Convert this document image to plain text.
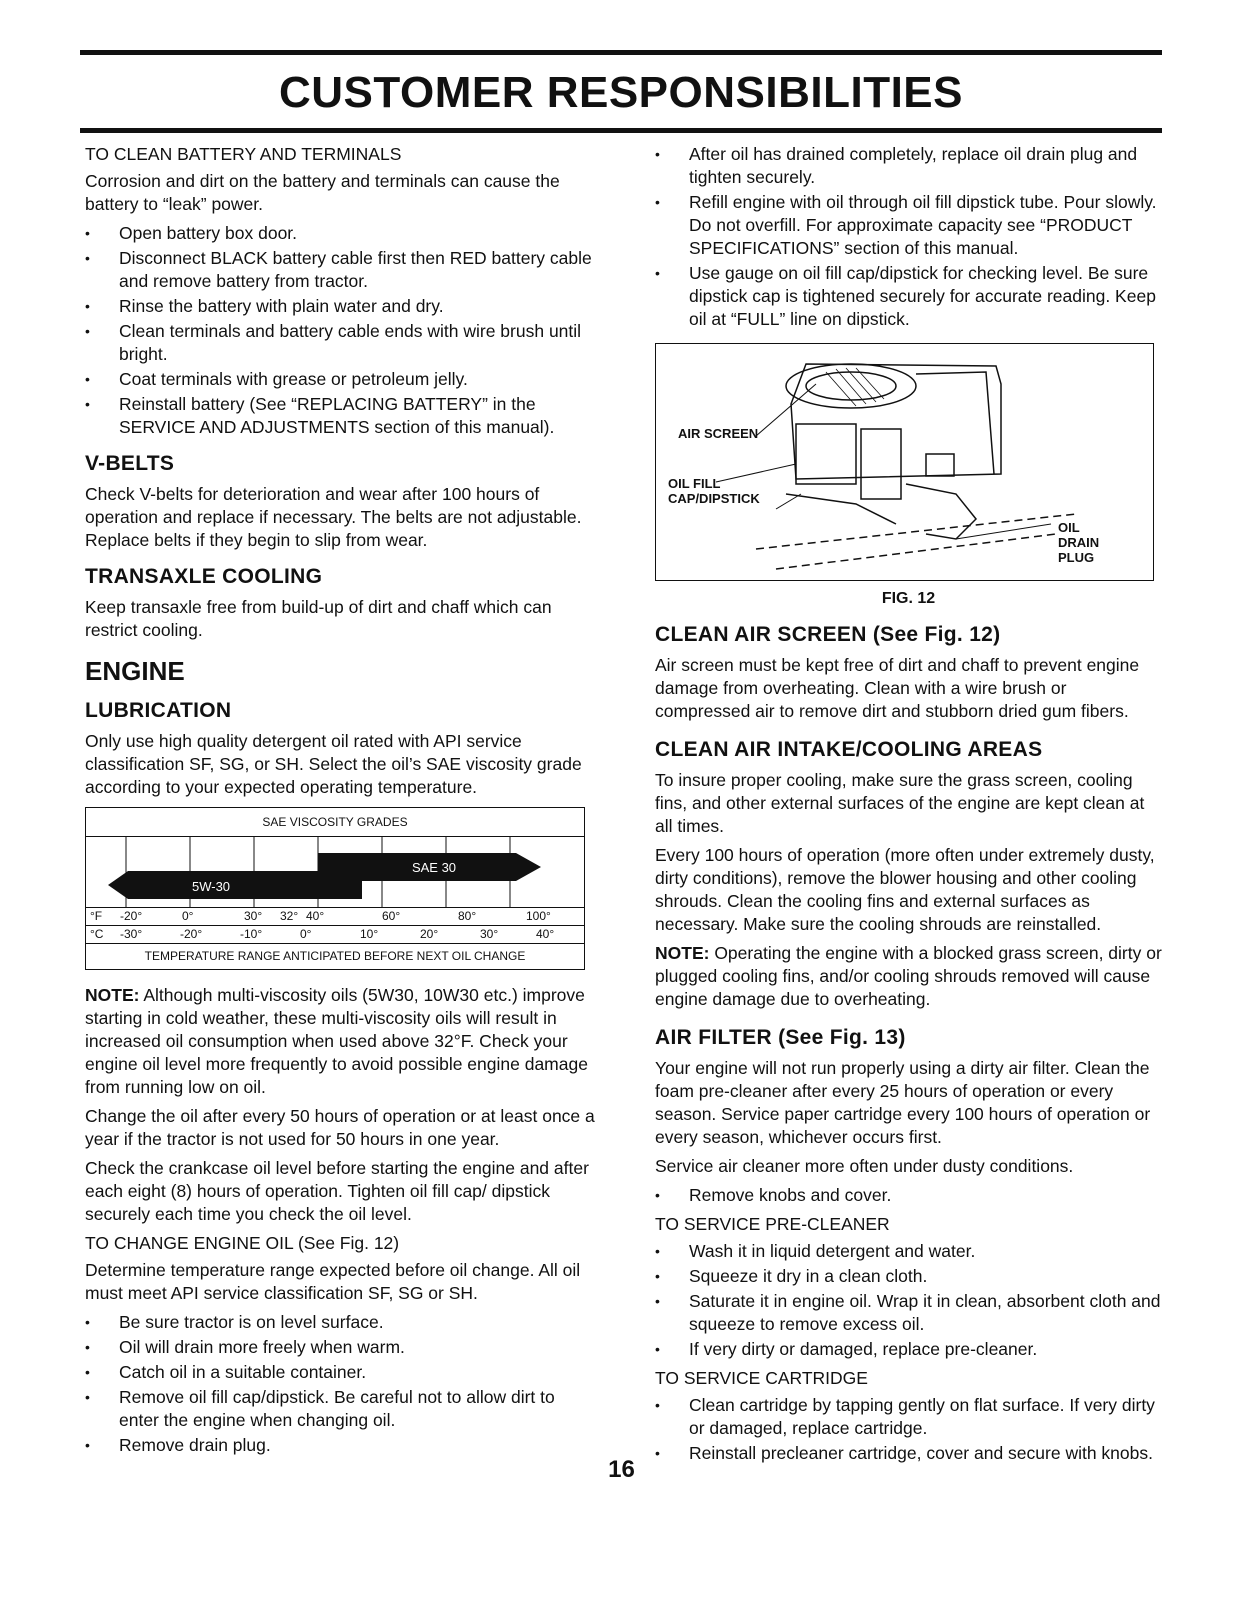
CUSTOMER RESPONSIBILITIES

TO CLEAN BATTERY AND TERMINALS

Corrosion and dirt on the battery and terminals can cause the battery to “leak” power.

• Open battery box door.
• Disconnect BLACK battery cable first then RED battery cable and remove battery from tractor.
• Rinse the battery with plain water and dry.
• Clean terminals and battery cable ends with wire brush until bright.
• Coat terminals with grease or petroleum jelly.
• Reinstall battery (See “REPLACING BATTERY” in the SERVICE AND ADJUSTMENTS section of this manual).
V-BELTS

Check V-belts for deterioration and wear after 100 hours of operation and replace if necessary. The belts are not adjustable. Replace belts if they begin to slip from wear.

TRANSAXLE COOLING

Keep transaxle free from build-up of dirt and chaff which can restrict cooling.

ENGINE
LUBRICATION

Only use high quality detergent oil rated with API service classification SF, SG, or SH. Select the oil’s SAE viscosity grade according to your expected operating temperature.

SAE VISCOSITY GRADES
SAE 30
5W-30
°F	-20°	0°	30°	32° 40°	60°	80°	100°
°C	-30°	-20°	-10°	0°	10°	20°	30°	40°
TEMPERATURE RANGE ANTICIPATED BEFORE NEXT OIL CHANGE

NOTE: Although multi-viscosity oils (5W30, 10W30 etc.) improve starting in cold weather, these multi-viscosity oils will result in increased oil consumption when used above 32°F. Check your engine oil level more frequently to avoid possible engine damage from running low on oil.

Change the oil after every 50 hours of operation or at least once a year if the tractor is not used for 50 hours in one year.

Check the crankcase oil level before starting the engine and after each eight (8) hours of operation. Tighten oil fill cap/ dipstick securely each time you check the oil level.

TO CHANGE ENGINE OIL (See Fig. 12)

Determine temperature range expected before oil change. All oil must meet API service classification SF, SG or SH.

• Be sure tractor is on level surface.
• Oil will drain more freely when warm.
• Catch oil in a suitable container.
• Remove oil fill cap/dipstick. Be careful not to allow dirt to enter the engine when changing oil.
• Remove drain plug.
• After oil has drained completely, replace oil drain plug and tighten securely.
• Refill engine with oil through oil fill dipstick tube. Pour slowly. Do not overfill. For approximate capacity see “PRODUCT SPECIFICATIONS” section of this manual.
• Use gauge on oil fill cap/dipstick for checking level. Be sure dipstick cap is tightened securely for accurate reading. Keep oil at “FULL” line on dipstick.
AIR SCREEN
OIL FILL
CAP/DIPSTICK
OIL
DRAIN
PLUG
FIG. 12
CLEAN AIR SCREEN (See Fig. 12)

Air screen must be kept free of dirt and chaff to prevent engine damage from overheating. Clean with a wire brush or compressed air to remove dirt and stubborn dried gum fibers.

CLEAN AIR INTAKE/COOLING AREAS

To insure proper cooling, make sure the grass screen, cooling fins, and other external surfaces of the engine are kept clean at all times.

Every 100 hours of operation (more often under extremely dusty, dirty conditions), remove the blower housing and other cooling shrouds. Clean the cooling fins and external surfaces as necessary. Make sure the cooling shrouds are reinstalled.

NOTE: Operating the engine with a blocked grass screen, dirty or plugged cooling fins, and/or cooling shrouds removed will cause engine damage due to overheating.

AIR FILTER (See Fig. 13)

Your engine will not run properly using a dirty air filter. Clean the foam pre-cleaner after every 25 hours of operation or every season. Service paper cartridge every 100 hours of operation or every season, whichever occurs first.

Service air cleaner more often under dusty conditions.

• Remove knobs and cover.

TO SERVICE PRE-CLEANER

• Wash it in liquid detergent and water.
• Squeeze it dry in a clean cloth.
• Saturate it in engine oil. Wrap it in clean, absorbent cloth and squeeze to remove excess oil.
• If very dirty or damaged, replace pre-cleaner.

TO SERVICE CARTRIDGE

• Clean cartridge by tapping gently on flat surface. If very dirty or damaged, replace cartridge.
• Reinstall precleaner cartridge, cover and secure with knobs.
16
